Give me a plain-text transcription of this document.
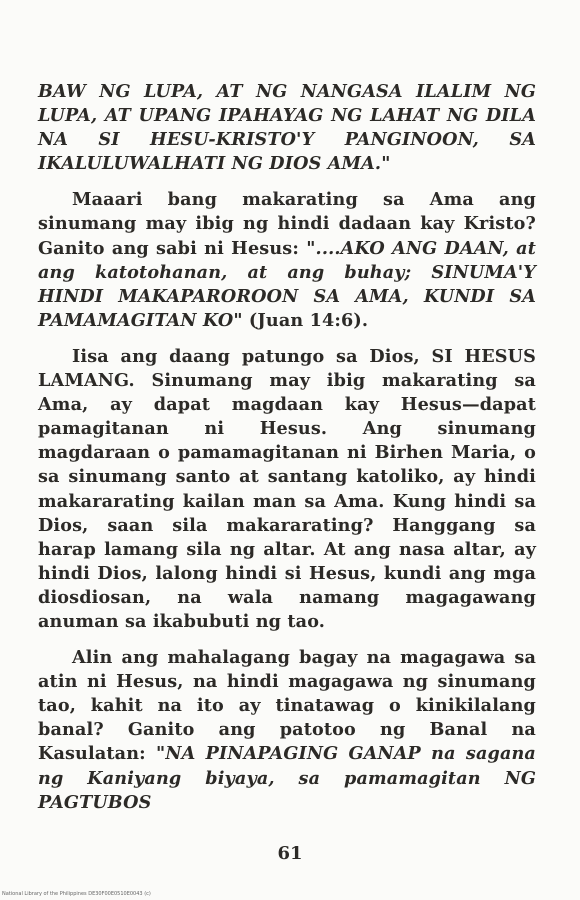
BAW NG LUPA, AT NG NANGASA ILALIM NG LUPA, AT UPANG IPAHAYAG NG LAHAT NG DILA NA SI HESU-KRISTO'Y PANGINOON, SA IKALULUWALHATI NG DIOS AMA."

Maaari bang makarating sa Ama ang sinumang may ibig ng hindi dadaan kay Kristo? Ganito ang sabi ni Hesus: "....AKO ANG DAAN, at ang katotohanan, at ang buhay; SINUMA'Y HINDI MAKAPAROROON SA AMA, KUNDI SA PAMAMAGITAN KO" (Juan 14:6).

Iisa ang daang patungo sa Dios, SI HESUS LAMANG. Sinumang may ibig makarating sa Ama, ay dapat magdaan kay Hesus—dapat pamagitanan ni Hesus. Ang sinumang magdaraan o pamamagitanan ni Birhen Maria, o sa sinumang santo at santang katoliko, ay hindi makararating kailan man sa Ama. Kung hindi sa Dios, saan sila makararating? Hanggang sa harap lamang sila ng altar. At ang nasa altar, ay hindi Dios, lalong hindi si Hesus, kundi ang mga diosdiosan, na wala namang magagawang anuman sa ikabubuti ng tao.

Alin ang mahalagang bagay na magagawa sa atin ni Hesus, na hindi magagawa ng sinumang tao, kahit na ito ay tinatawag o kinikilalang banal? Ganito ang patotoo ng Banal na Kasulatan: "NA PINAPAGING GANAP na sagana ng Kaniyang biyaya, sa pamamagitan NG PAGTUBOS

61
National Library of the Philippines DE30F00E0510E0043 (c)
